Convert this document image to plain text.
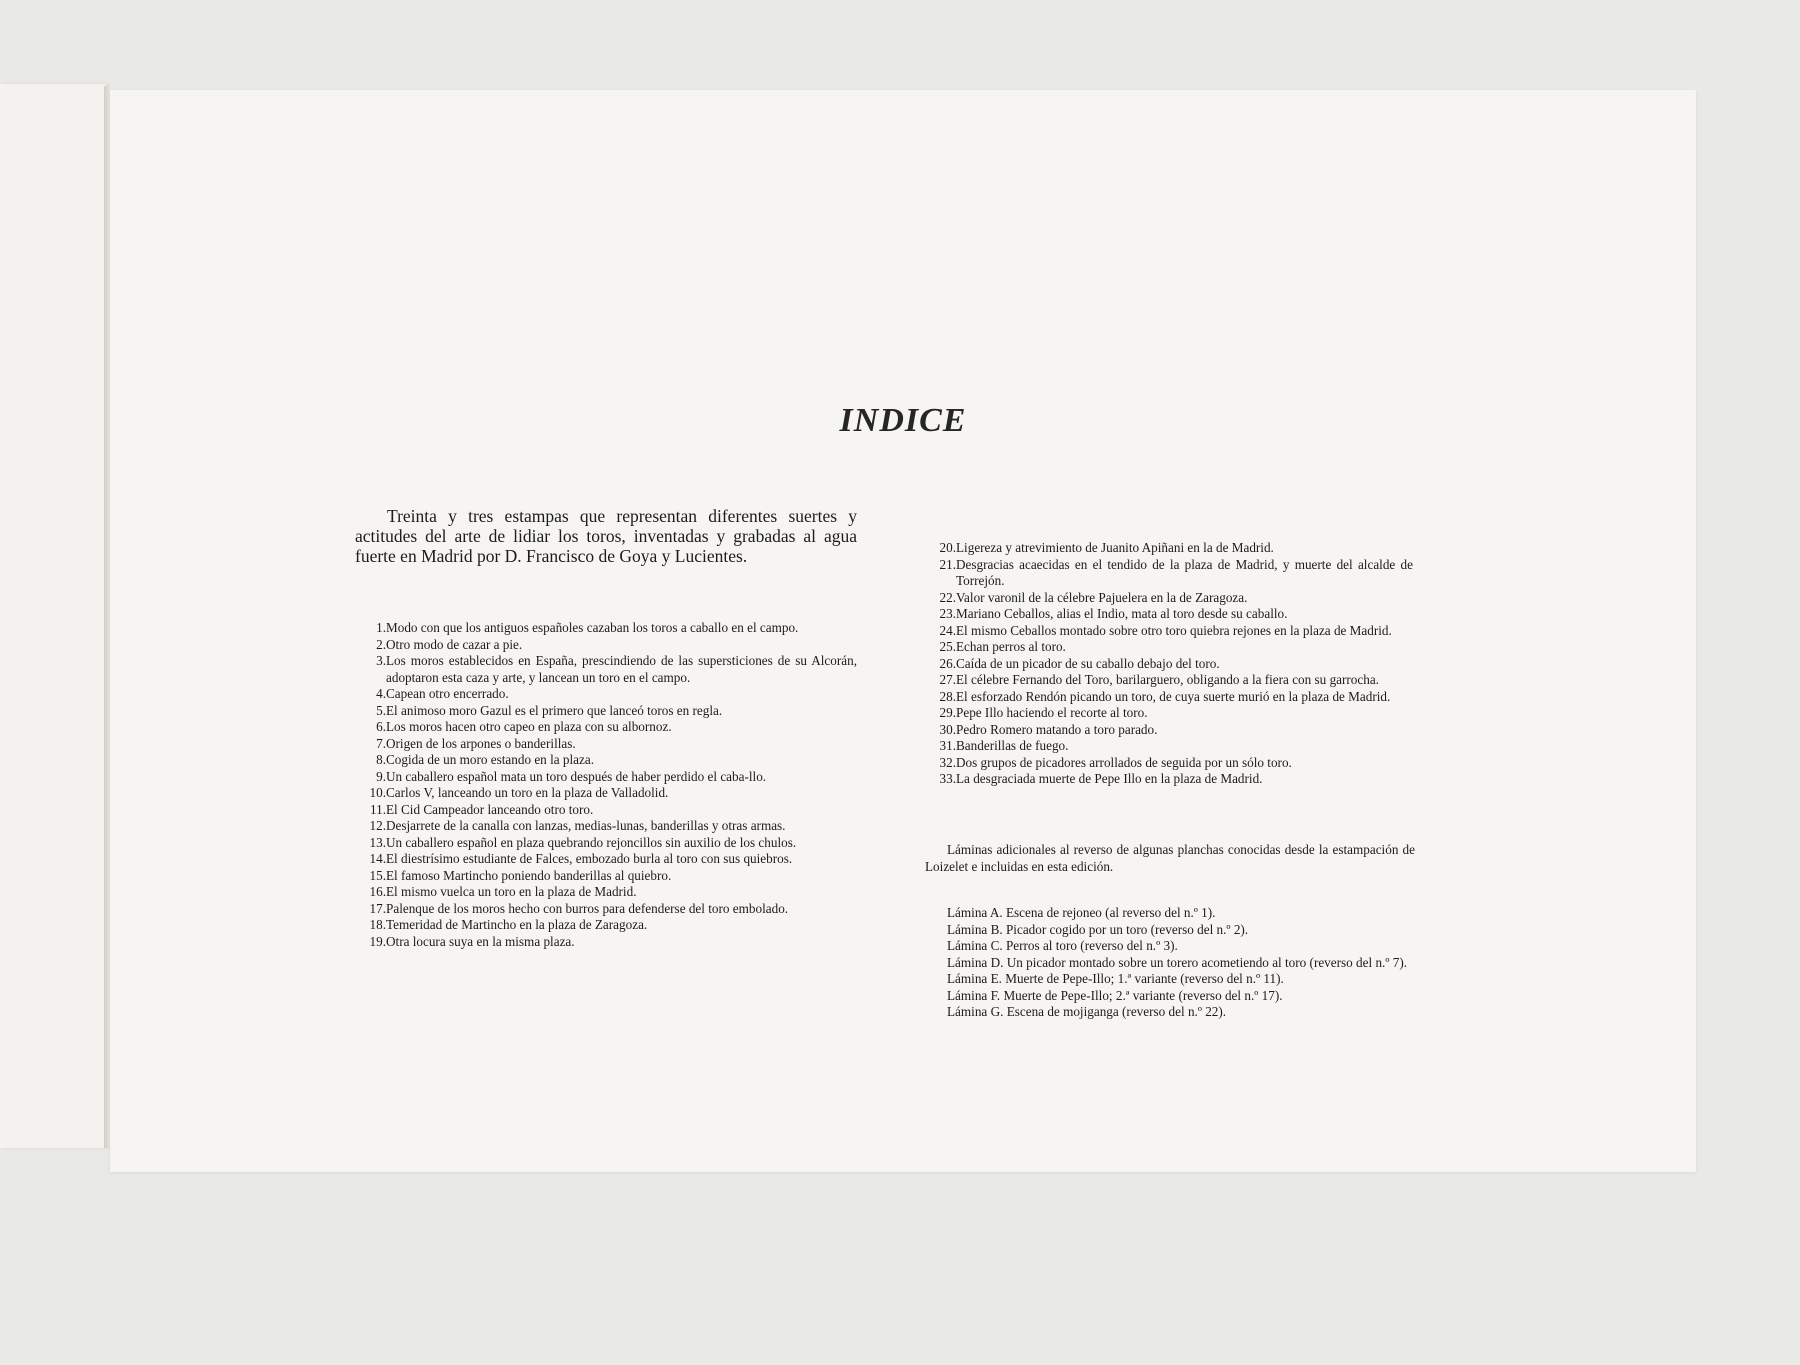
INDICE

Treinta y tres estampas que representan diferentes suertes y actitudes del arte de lidiar los toros, inventadas y grabadas al agua fuerte en Madrid por D. Francisco de Goya y Lucientes.

1. Modo con que los antiguos españoles cazaban los toros a caballo en el campo.
2. Otro modo de cazar a pie.
3. Los moros establecidos en España, prescindiendo de las supersticiones de su Alcorán, adoptaron esta caza y arte, y lancean un toro en el campo.
4. Capean otro encerrado.
5. El animoso moro Gazul es el primero que lanceó toros en regla.
6. Los moros hacen otro capeo en plaza con su albornoz.
7. Origen de los arpones o banderillas.
8. Cogida de un moro estando en la plaza.
9. Un caballero español mata un toro después de haber perdido el caba-llo.
10. Carlos V, lanceando un toro en la plaza de Valladolid.
11. El Cid Campeador lanceando otro toro.
12. Desjarrete de la canalla con lanzas, medias-lunas, banderillas y otras armas.
13. Un caballero español en plaza quebrando rejoncillos sin auxilio de los chulos.
14. El diestrísimo estudiante de Falces, embozado burla al toro con sus quiebros.
15. El famoso Martincho poniendo banderillas al quiebro.
16. El mismo vuelca un toro en la plaza de Madrid.
17. Palenque de los moros hecho con burros para defenderse del toro embolado.
18. Temeridad de Martincho en la plaza de Zaragoza.
19. Otra locura suya en la misma plaza.
20. Ligereza y atrevimiento de Juanito Apiñani en la de Madrid.
21. Desgracias acaecidas en el tendido de la plaza de Madrid, y muerte del alcalde de Torrejón.
22. Valor varonil de la célebre Pajuelera en la de Zaragoza.
23. Mariano Ceballos, alias el Indio, mata al toro desde su caballo.
24. El mismo Ceballos montado sobre otro toro quiebra rejones en la plaza de Madrid.
25. Echan perros al toro.
26. Caída de un picador de su caballo debajo del toro.
27. El célebre Fernando del Toro, barilarguero, obligando a la fiera con su garrocha.
28. El esforzado Rendón picando un toro, de cuya suerte murió en la plaza de Madrid.
29. Pepe Illo haciendo el recorte al toro.
30. Pedro Romero matando a toro parado.
31. Banderillas de fuego.
32. Dos grupos de picadores arrollados de seguida por un sólo toro.
33. La desgraciada muerte de Pepe Illo en la plaza de Madrid.

Láminas adicionales al reverso de algunas planchas conocidas desde la estampación de Loizelet e incluidas en esta edición.

Lámina A. Escena de rejoneo (al reverso del n.º 1).
Lámina B. Picador cogido por un toro (reverso del n.º 2).
Lámina C. Perros al toro (reverso del n.º 3).
Lámina D. Un picador montado sobre un torero acometiendo al toro (reverso del n.º 7).
Lámina E. Muerte de Pepe-Illo; 1.ª variante (reverso del n.º 11).
Lámina F. Muerte de Pepe-Illo; 2.ª variante (reverso del n.º 17).
Lámina G. Escena de mojiganga (reverso del n.º 22).
